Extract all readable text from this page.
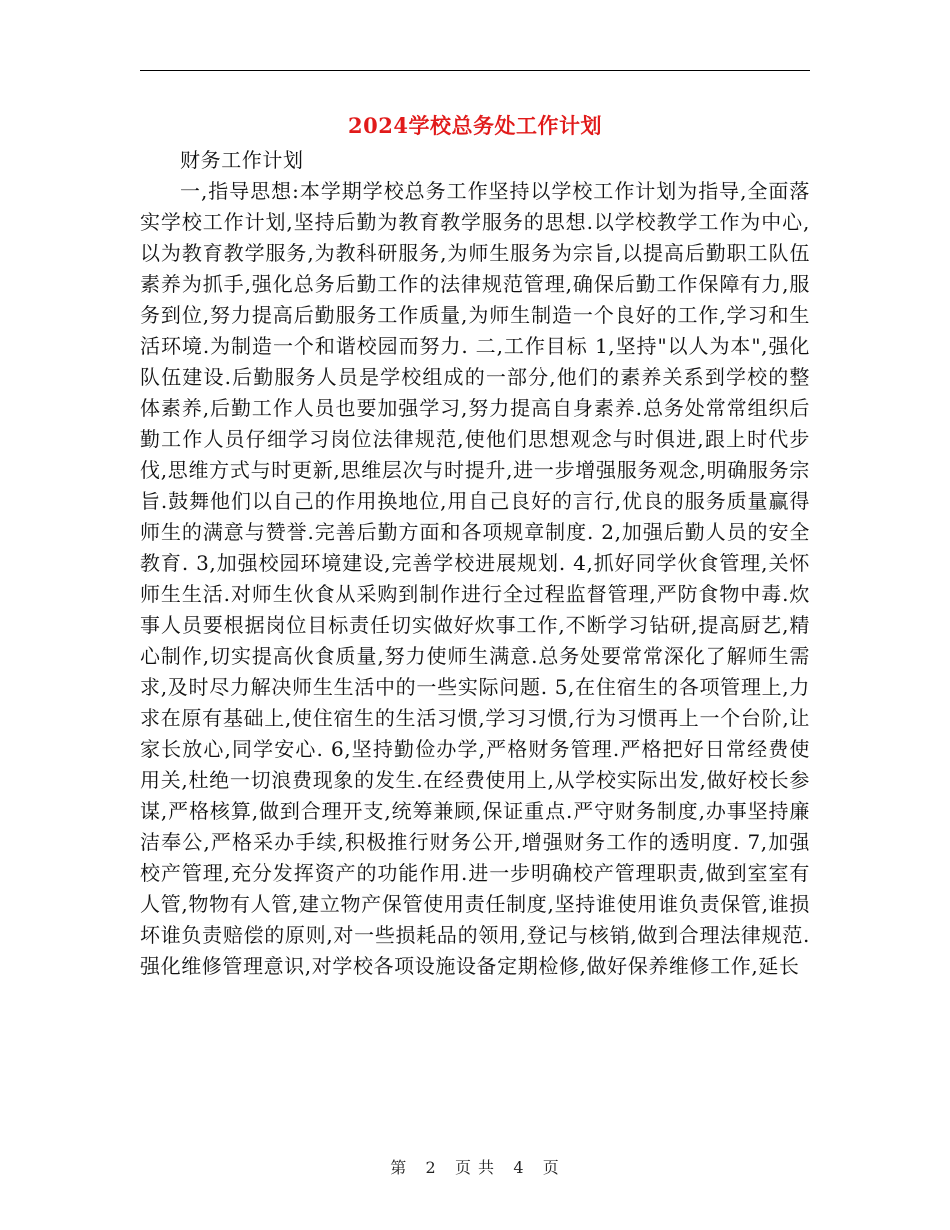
2024学校总务处工作计划

财务工作计划

一,指导思想:本学期学校总务工作坚持以学校工作计划为指导,全面落实学校工作计划,坚持后勤为教育教学服务的思想.以学校教学工作为中心,以为教育教学服务,为教科研服务,为师生服务为宗旨,以提高后勤职工队伍素养为抓手,强化总务后勤工作的法律规范管理,确保后勤工作保障有力,服务到位,努力提高后勤服务工作质量,为师生制造一个良好的工作,学习和生活环境.为制造一个和谐校园而努力. 二,工作目标 1,坚持"以人为本",强化队伍建设.后勤服务人员是学校组成的一部分,他们的素养关系到学校的整体素养,后勤工作人员也要加强学习,努力提高自身素养.总务处常常组织后勤工作人员仔细学习岗位法律规范,使他们思想观念与时俱进,跟上时代步伐,思维方式与时更新,思维层次与时提升,进一步增强服务观念,明确服务宗旨.鼓舞他们以自己的作用换地位,用自己良好的言行,优良的服务质量赢得师生的满意与赞誉.完善后勤方面和各项规章制度. 2,加强后勤人员的安全教育. 3,加强校园环境建设,完善学校进展规划. 4,抓好同学伙食管理,关怀师生生活.对师生伙食从采购到制作进行全过程监督管理,严防食物中毒.炊事人员要根据岗位目标责任切实做好炊事工作,不断学习钻研,提高厨艺,精心制作,切实提高伙食质量,努力使师生满意.总务处要常常深化了解师生需求,及时尽力解决师生生活中的一些实际问题. 5,在住宿生的各项管理上,力求在原有基础上,使住宿生的生活习惯,学习习惯,行为习惯再上一个台阶,让家长放心,同学安心. 6,坚持勤俭办学,严格财务管理.严格把好日常经费使用关,杜绝一切浪费现象的发生.在经费使用上,从学校实际出发,做好校长参谋,严格核算,做到合理开支,统筹兼顾,保证重点.严守财务制度,办事坚持廉洁奉公,严格采办手续,积极推行财务公开,增强财务工作的透明度. 7,加强校产管理,充分发挥资产的功能作用.进一步明确校产管理职责,做到室室有人管,物物有人管,建立物产保管使用责任制度,坚持谁使用谁负责保管,谁损坏谁负责赔偿的原则,对一些损耗品的领用,登记与核销,做到合理法律规范.强化维修管理意识,对学校各项设施设备定期检修,做好保养维修工作,延长

第 2 页 共 4 页
